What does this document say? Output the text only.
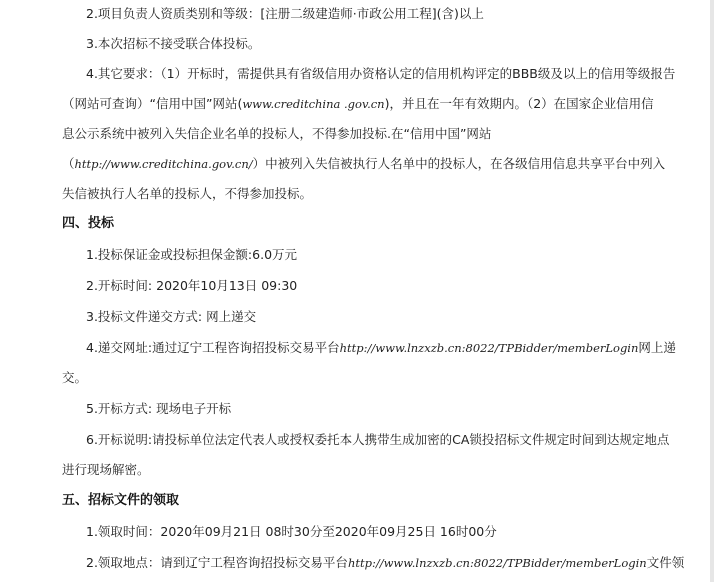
2.项目负责人资质类别和等级：[注册二级建造师·市政公用工程](含)以上
3.本次招标不接受联合体投标。
4.其它要求：（1）开标时，需提供具有省级信用办资格认定的信用机构评定的BBB级及以上的信用等级报告
（网站可查询）“信用中国”网站(www.creditchina .gov.cn)，并且在一年有效期内。（2）在国家企业信用信
息公示系统中被列入失信企业名单的投标人，不得参加投标.在“信用中国”网站
（http://www.creditchina.gov.cn/）中被列入失信被执行人名单中的投标人，在各级信用信息共享平台中列入
失信被执行人名单的投标人，不得参加投标。
四、投标
1.投标保证金或投标担保金额:6.0万元
2.开标时间: 2020年10月13日 09:30
3.投标文件递交方式: 网上递交
4.递交网址:通过辽宁工程咨询招投标交易平台http://www.lnzxzb.cn:8022/TPBidder/memberLogin网上递
交。
5.开标方式: 现场电子开标
6.开标说明:请投标单位法定代表人或授权委托本人携带生成加密的CA锁投招标文件规定时间到达规定地点
进行现场解密。
五、招标文件的领取
1.领取时间：2020年09月21日 08时30分至2020年09月25日 16时00分
2.领取地点：请到辽宁工程咨询招投标交易平台http://www.lnzxzb.cn:8022/TPBidder/memberLogin文件领
